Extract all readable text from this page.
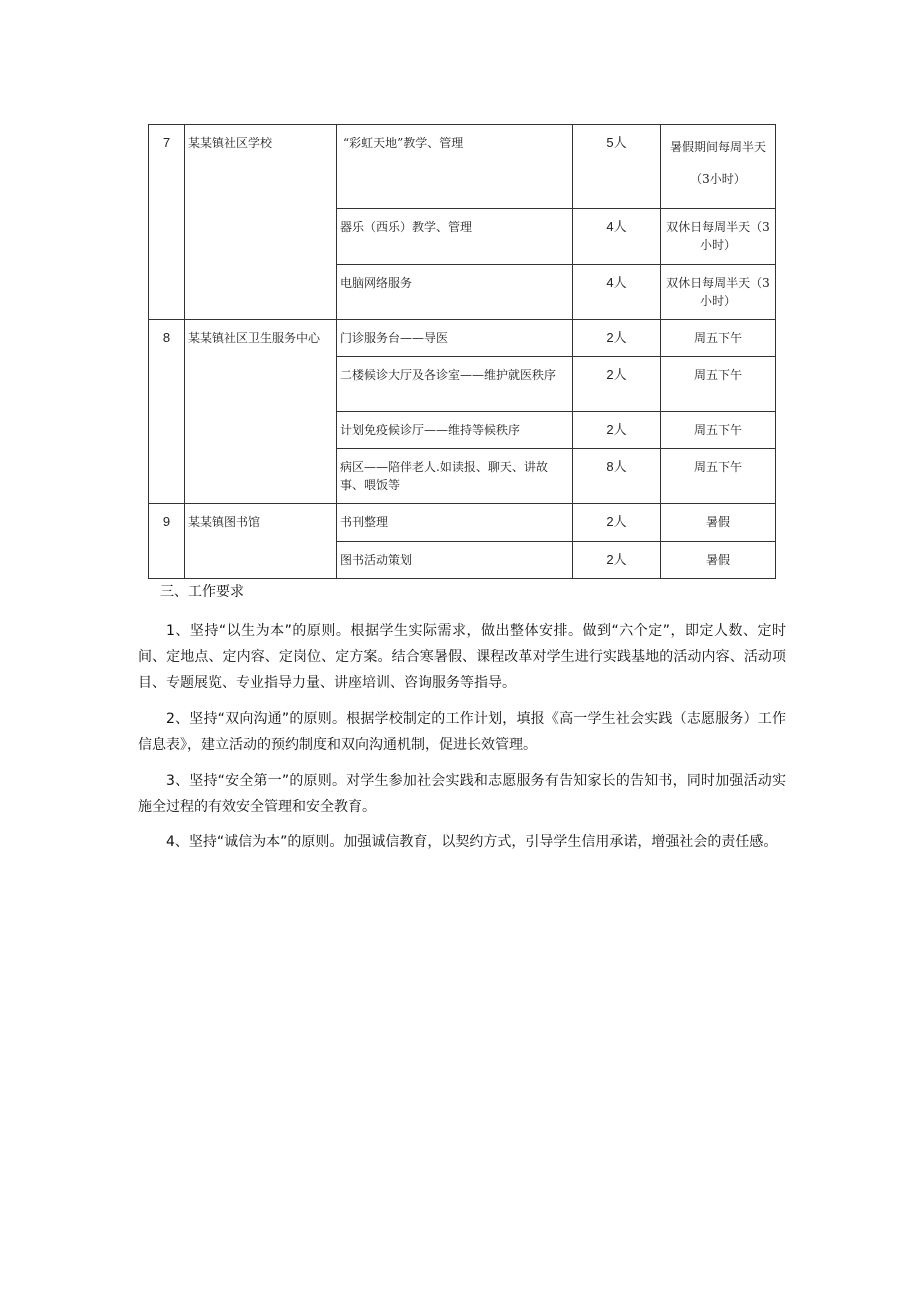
7	某某镇社区学校	“彩虹天地”教学、管理	5人	暑假期间每周半天（3小时）
		器乐（西乐）教学、管理	4人	双休日每周半天（3小时）
		电脑网络服务	4人	双休日每周半天（3小时）
8	某某镇社区卫生服务中心	门诊服务台——导医	2人	周五下午
		二楼候诊大厅及各诊室——维护就医秩序	2人	周五下午
		计划免疫候诊厅——维持等候秩序	2人	周五下午
		病区——陪伴老人.如读报、聊天、讲故事、喂饭等	8人	周五下午
9	某某镇图书馆	书刊整理	2人	暑假
		图书活动策划	2人	暑假
三、工作要求

1、坚持“以生为本”的原则。根据学生实际需求，做出整体安排。做到“六个定”，即定人数、定时间、定地点、定内容、定岗位、定方案。结合寒暑假、课程改革对学生进行实践基地的活动内容、活动项目、专题展览、专业指导力量、讲座培训、咨询服务等指导。

2、坚持“双向沟通”的原则。根据学校制定的工作计划，填报《高一学生社会实践（志愿服务）工作信息表》，建立活动的预约制度和双向沟通机制，促进长效管理。

3、坚持“安全第一”的原则。对学生参加社会实践和志愿服务有告知家长的告知书，同时加强活动实施全过程的有效安全管理和安全教育。

4、坚持“诚信为本”的原则。加强诚信教育，以契约方式，引导学生信用承诺，增强社会的责任感。
